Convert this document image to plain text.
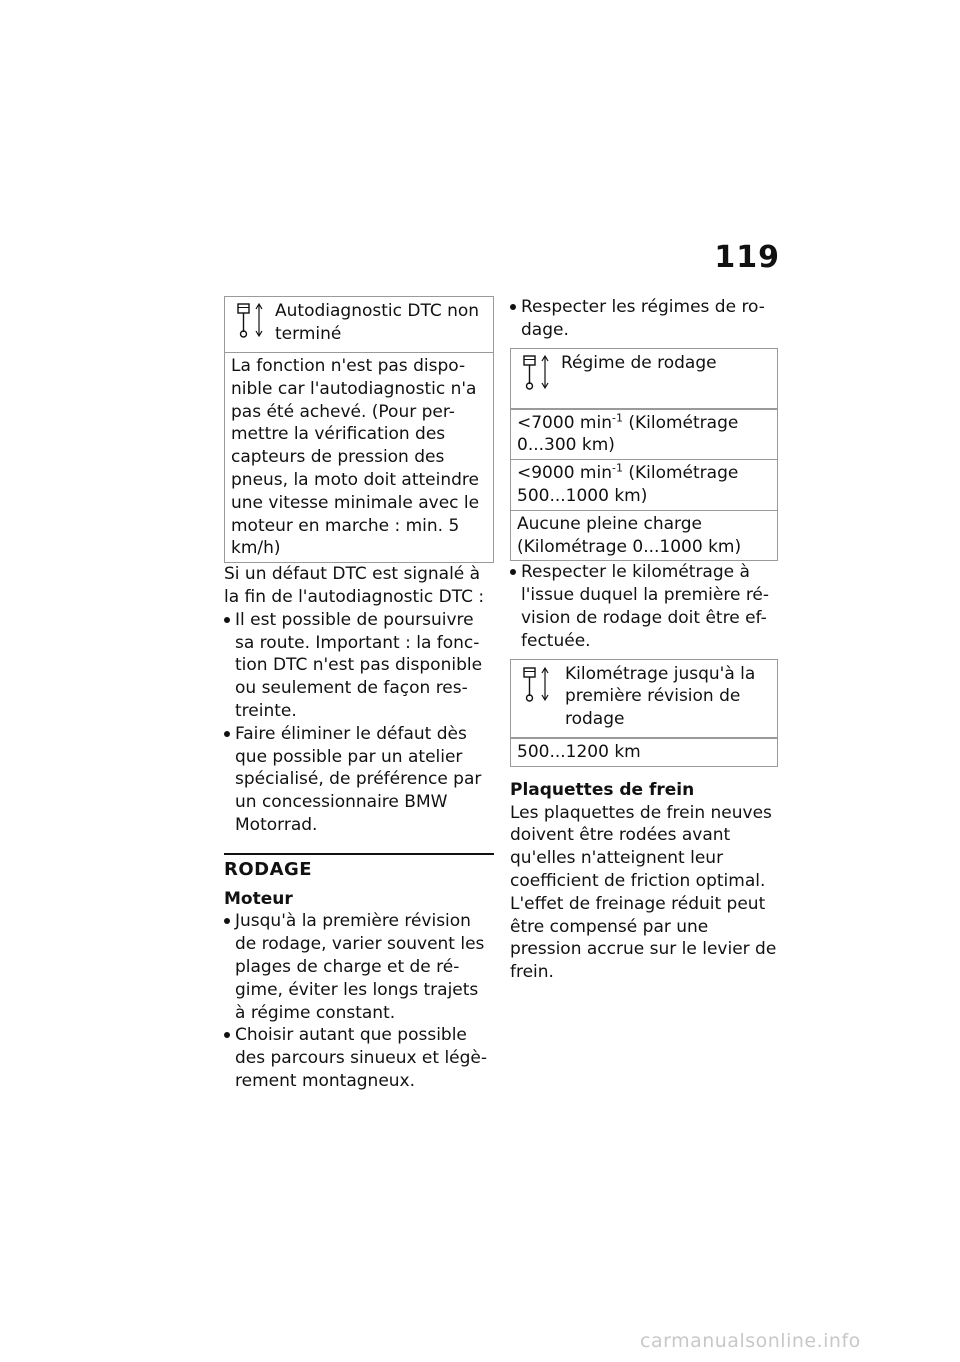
119

Autodiagnostic DTC non terminé

La fonction n'est pas dispo-nible car l'autodiagnostic n'a pas été achevé. (Pour per-mettre la vérification des capteurs de pression des pneus, la moto doit atteindre une vitesse minimale avec le moteur en marche : min. 5 km/h)

Si un défaut DTC est signalé à la fin de l'autodiagnostic DTC :

Il est possible de poursuivre sa route. Important : la fonc-tion DTC n'est pas disponible ou seulement de façon res-treinte.
Faire éliminer le défaut dès que possible par un atelier spécialisé, de préférence par un concessionnaire BMW Motorrad.
RODAGE
Moteur
Jusqu'à la première révision de rodage, varier souvent les plages de charge et de ré-gime, éviter les longs trajets à régime constant.
Choisir autant que possible des parcours sinueux et légè-rement montagneux.
Respecter les régimes de ro-dage.

Régime de rodage

<7000 $\min^{-1}$ (Kilométrage 0...300 km)
<9000 $\min^{-1}$ (Kilométrage 500...1000 km)
Aucune pleine charge (Kilométrage 0...1000 km)
Respecter le kilométrage à l'issue duquel la première ré-vision de rodage doit être ef-fectuée.

Kilométrage jusqu'à la première révision de rodage

500...1200 km
Plaquettes de frein

Les plaquettes de frein neuves doivent être rodées avant qu'elles n'atteignent leur coefficient de friction optimal. L'effet de freinage réduit peut être compensé par une pression accrue sur le levier de frein.

carmanualsonline.info
